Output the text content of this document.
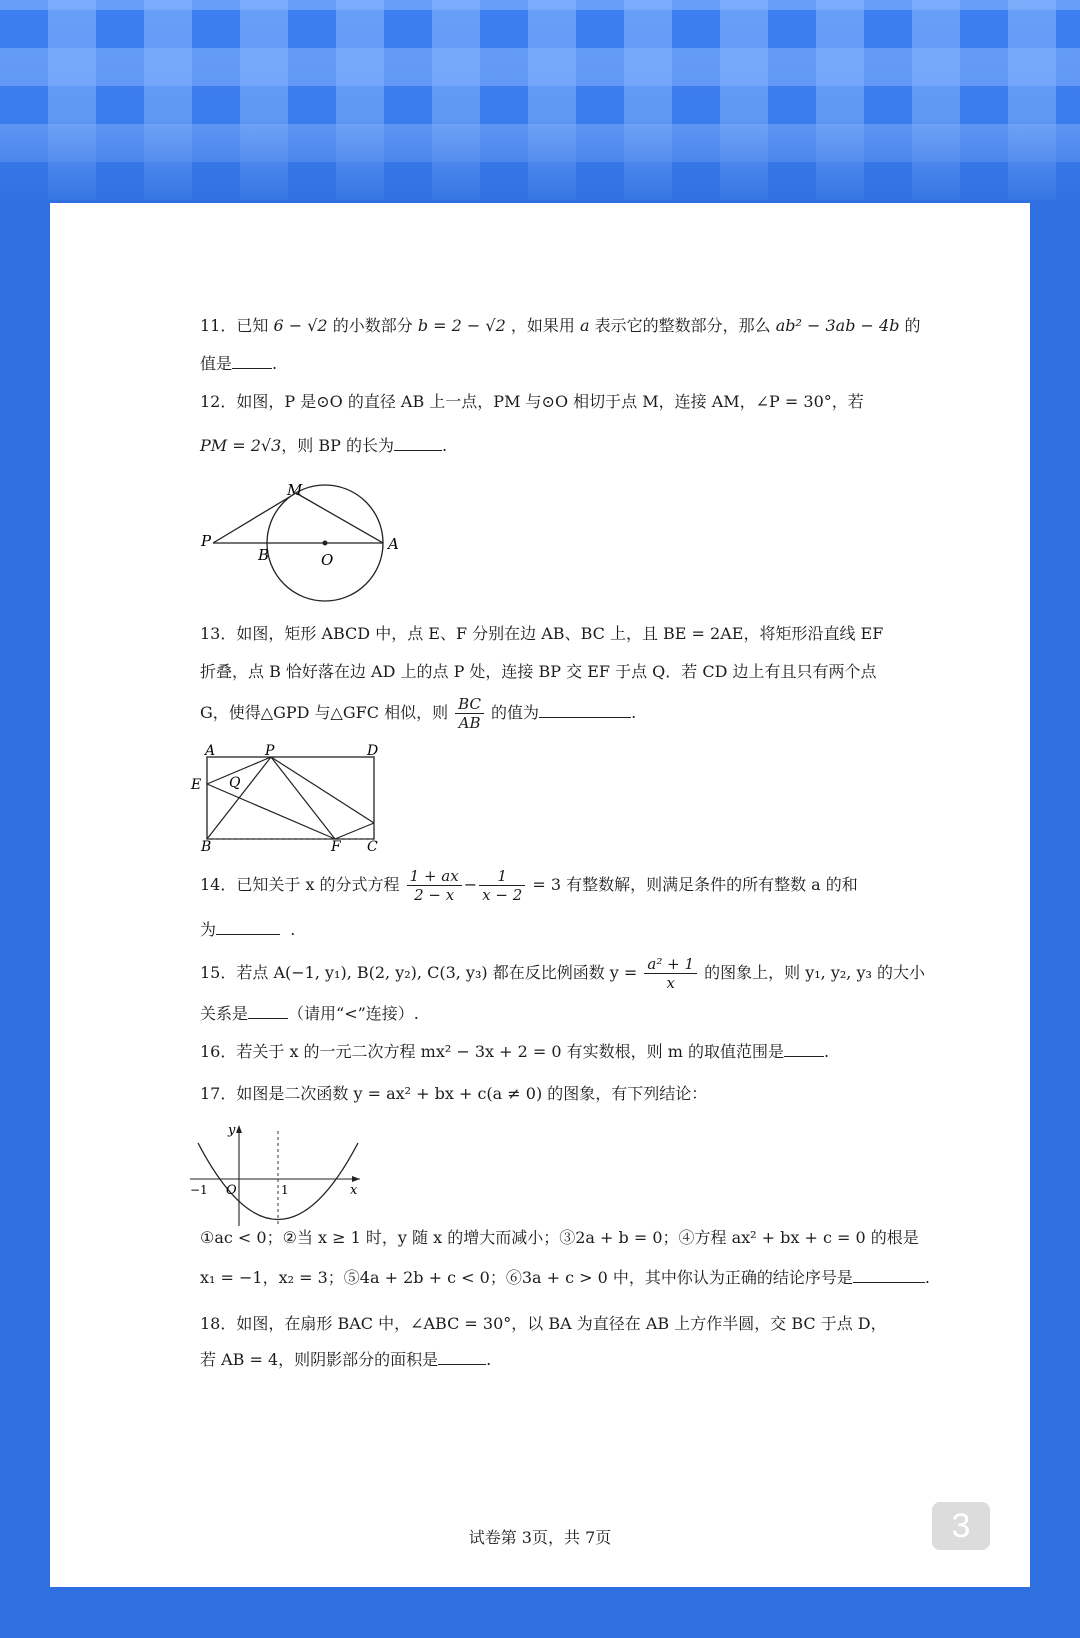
11．已知 6 − √2 的小数部分 b = 2 − √2 ，如果用 a 表示它的整数部分，那么 ab² − 3ab − 4b 的
值是	.
12．如图，P 是⊙O 的直径 AB 上一点，PM 与⊙O 相切于点 M，连接 AM，∠P = 30°，若
PM = 2√3，则 BP 的长为	.
M
P
B	O
A
13．如图，矩形 ABCD 中，点 E、F 分别在边 AB、BC 上，且 BE = 2AE，将矩形沿直线 EF
折叠，点 B 恰好落在边 AD 上的点 P 处，连接 BP 交 EF 于点 Q．若 CD 边上有且只有两个点
G，使得△GPD 与△GFC 相似，则 $\frac{BC}{AB}$ 的值为	.
A	P	D
E Q
B	F C
14．已知关于 x 的分式方程 $\frac{1 + ax}{2 - x} - \frac{1}{x - 2} = 3$ 有整数解，则满足条件的所有整数 a 的和
为	.
15．若点 A(−1, y₁), B(2, y₂), C(3, y₃) 都在反比例函数 $y = \frac{\text{a² + 1}}{x}$ 的图象上，则 y₁, y₂, y₃ 的大小
关系是	（请用“<”连接）.
16．若关于 x 的一元二次方程 mx² − 3x + 2 = 0 有实数根，则 m 的取值范围是	.
17．如图是二次函数 y = ax² + bx + c(a ≠ 0) 的图象，有下列结论：
y
−1 O	1	x
①ac < 0；②当 x ≥ 1 时，y 随 x 的增大而减小；③2a + b = 0；④方程 ax² + bx + c = 0 的根是
x₁ = −1，x₂ = 3；⑤4a + 2b + c < 0；⑥3a + c > 0 中，其中你认为正确的结论序号是	.
18．如图，在扇形 BAC 中，∠ABC = 30°，以 BA 为直径在 AB 上方作半圆，交 BC 于点 D，
若 AB = 4，则阴影部分的面积是	.
试卷第 3页，共 7页	3
